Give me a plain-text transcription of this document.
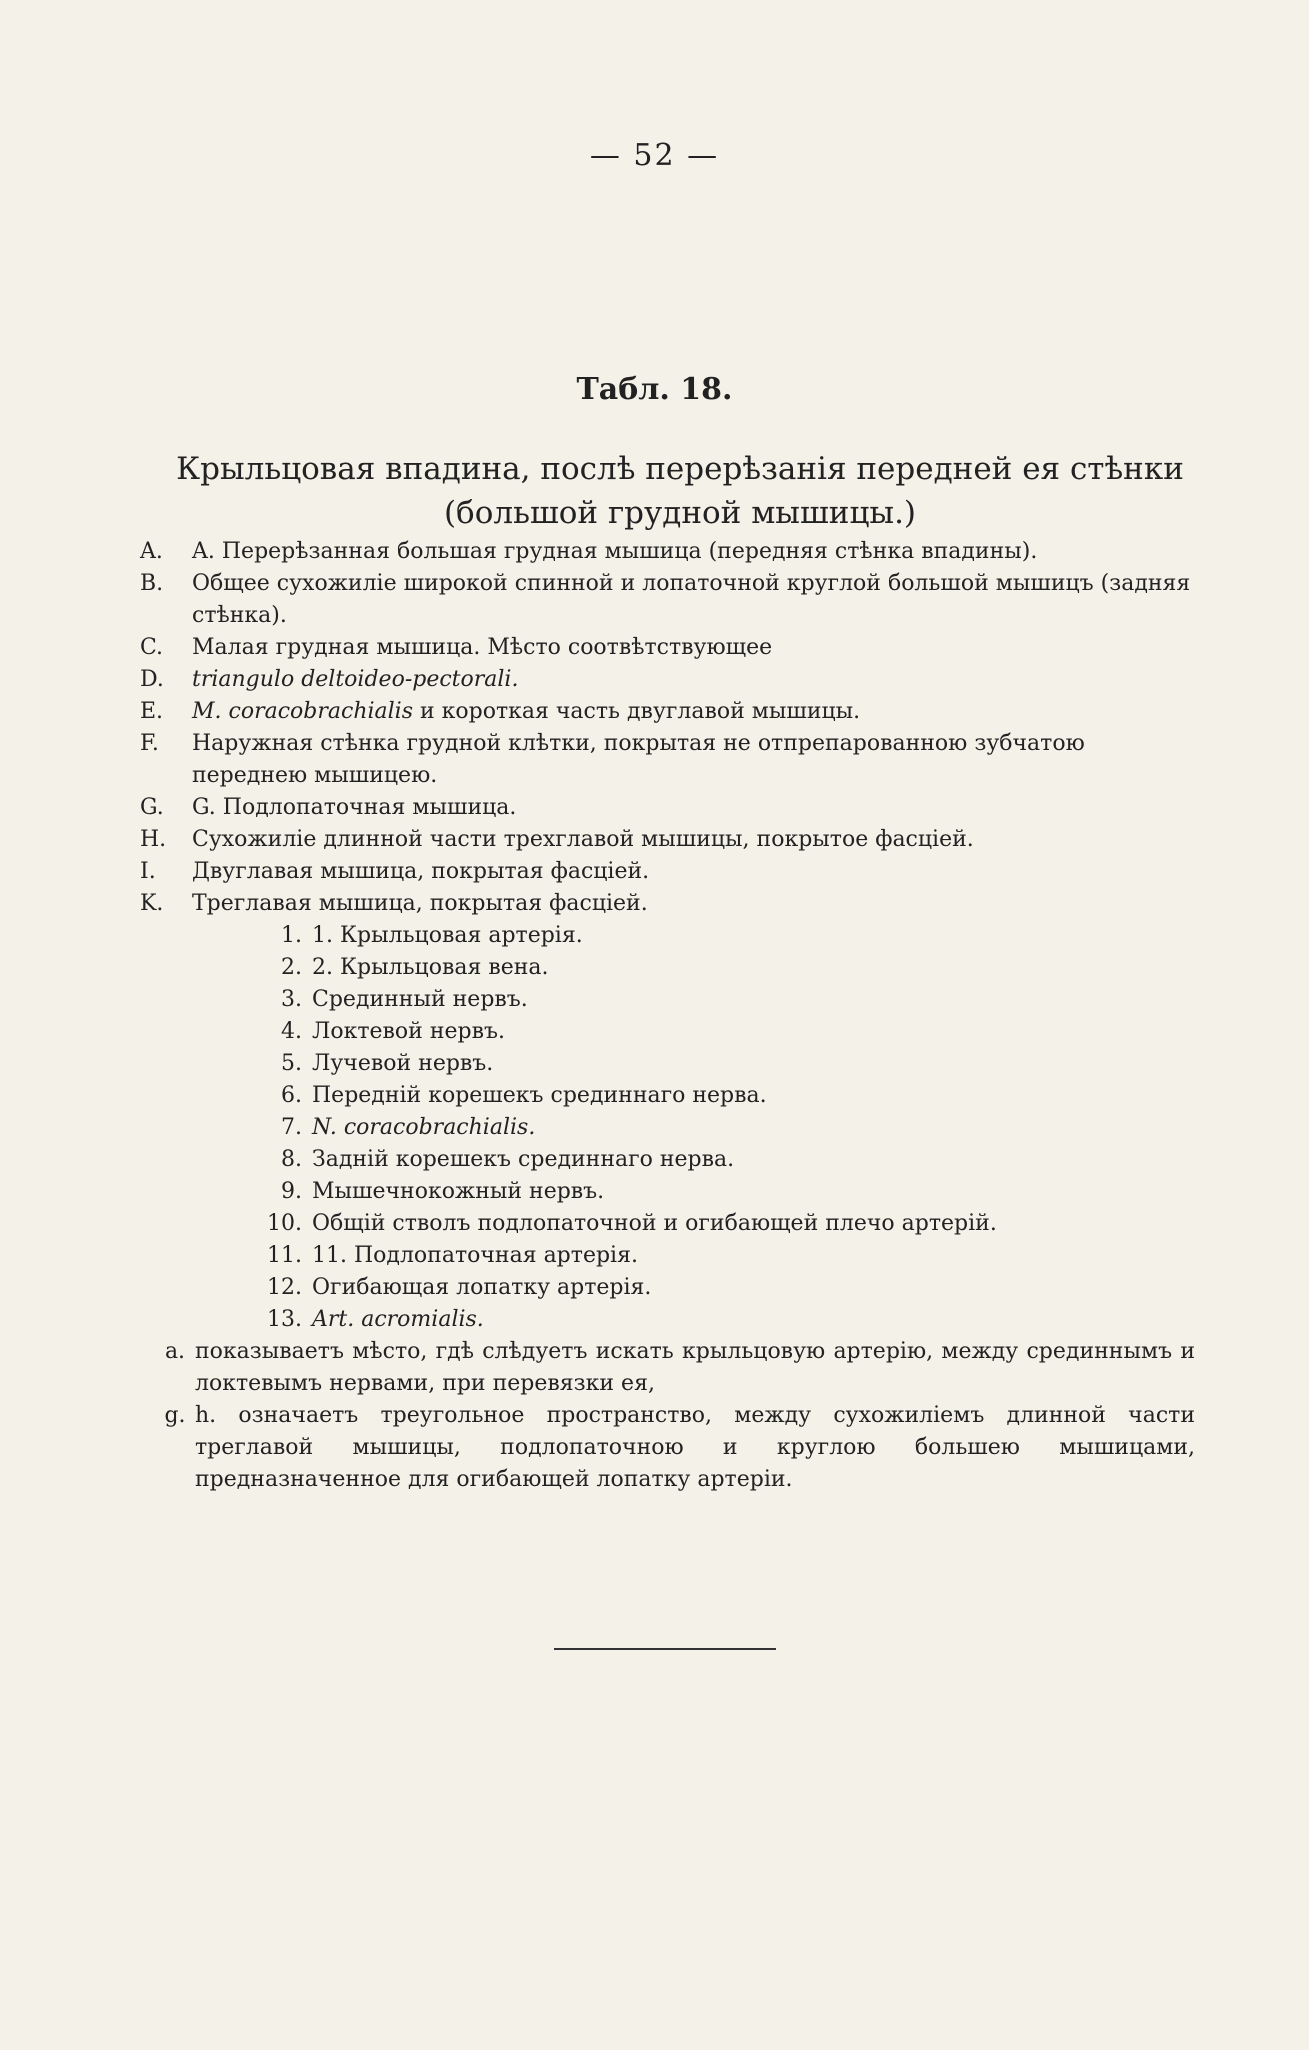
— 52 —
Табл. 18.
Крыльцовая впадина, послѣ перерѣзанія передней ея стѣнки (большой грудной мышицы.)
A.	A. Перерѣзанная большая грудная мышица (передняя стѣнка впадины).
B.	Общее сухожиліе широкой спинной и лопаточной круглой большой мышицъ (задняя стѣнка).
C.	Малая грудная мышица. Мѣсто соотвѣтствующее
D.	triangulo deltoideo-pectorali.
E.	M. coracobrachialis и короткая часть двуглавой мышицы.
F.	Наружная стѣнка грудной клѣтки, покрытая не отпрепарованною зубчатою переднею мышицею.
G.	G. Подлопаточная мышица.
H.	Сухожиліе длинной части трехглавой мышицы, покрытое фасціей.
I.	Двуглавая мышица, покрытая фасціей.
K.	Треглавая мышица, покрытая фасціей.
1. 1. Крыльцовая артерія.
2. 2. Крыльцовая вена.
3. Срединный нервъ.
4. Локтевой нервъ.
5. Лучевой нервъ.
6. Передній корешекъ срединнаго нерва.
7. N. coracobrachialis.
8. Задній корешекъ срединнаго нерва.
9. Мышечнокожный нервъ.
10. Общій стволъ подлопаточной и огибающей плечо артерій.
11. 11. Подлопаточная артерія.
12. Огибающая лопатку артерія.
13. Art. acromialis.
a. показываетъ мѣсто, гдѣ слѣдуетъ искать крыльцовую артерію, между срединнымъ и локтевымъ нервами, при перевязки ея,
g. h. означаетъ треугольное пространство, между сухожиліемъ длинной части треглавой мышицы, подлопаточною и круглою большею мышицами, предназначенное для огибающей лопатку артеріи.
